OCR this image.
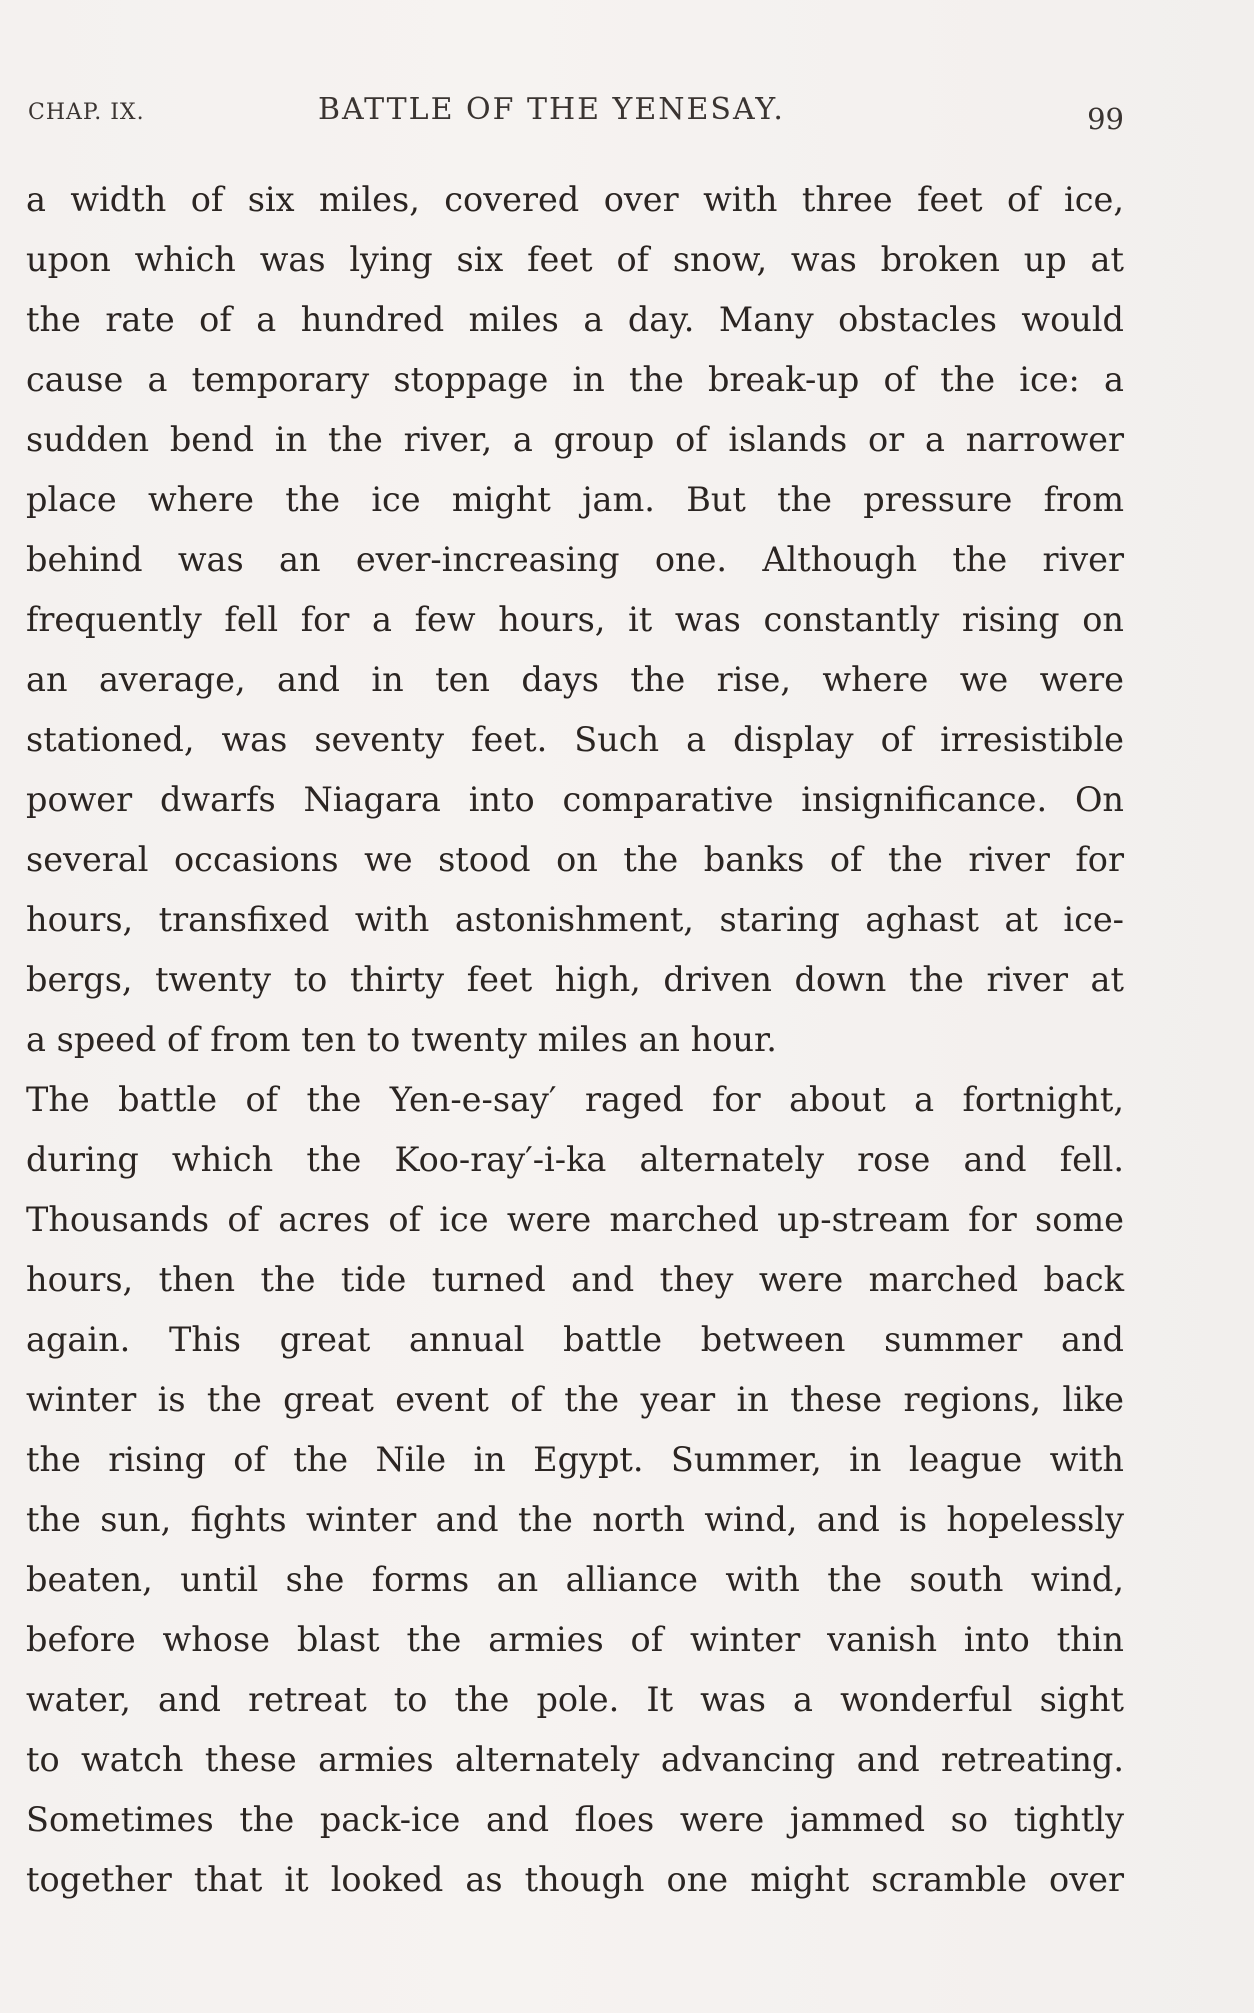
CHAP. IX.	BATTLE OF THE YENESAY.	99
a width of six miles, covered over with three feet of ice,
upon which was lying six feet of snow, was broken up at
the rate of a hundred miles a day. Many obstacles would
cause a temporary stoppage in the break-up of the ice: a
sudden bend in the river, a group of islands or a narrower
place where the ice might jam. But the pressure from
behind was an ever-increasing one. Although the river
frequently fell for a few hours, it was constantly rising on
an average, and in ten days the rise, where we were
stationed, was seventy feet. Such a display of irresistible
power dwarfs Niagara into comparative insignificance. On
several occasions we stood on the banks of the river for
hours, transfixed with astonishment, staring aghast at ice-
bergs, twenty to thirty feet high, driven down the river at
a speed of from ten to twenty miles an hour.
The battle of the Yen-e-say′ raged for about a fortnight,
during which the Koo-ray′-i-ka alternately rose and fell.
Thousands of acres of ice were marched up-stream for some
hours, then the tide turned and they were marched back
again. This great annual battle between summer and
winter is the great event of the year in these regions, like
the rising of the Nile in Egypt. Summer, in league with
the sun, fights winter and the north wind, and is hopelessly
beaten, until she forms an alliance with the south wind,
before whose blast the armies of winter vanish into thin
water, and retreat to the pole. It was a wonderful sight
to watch these armies alternately advancing and retreating.
Sometimes the pack-ice and floes were jammed so tightly
together that it looked as though one might scramble over
